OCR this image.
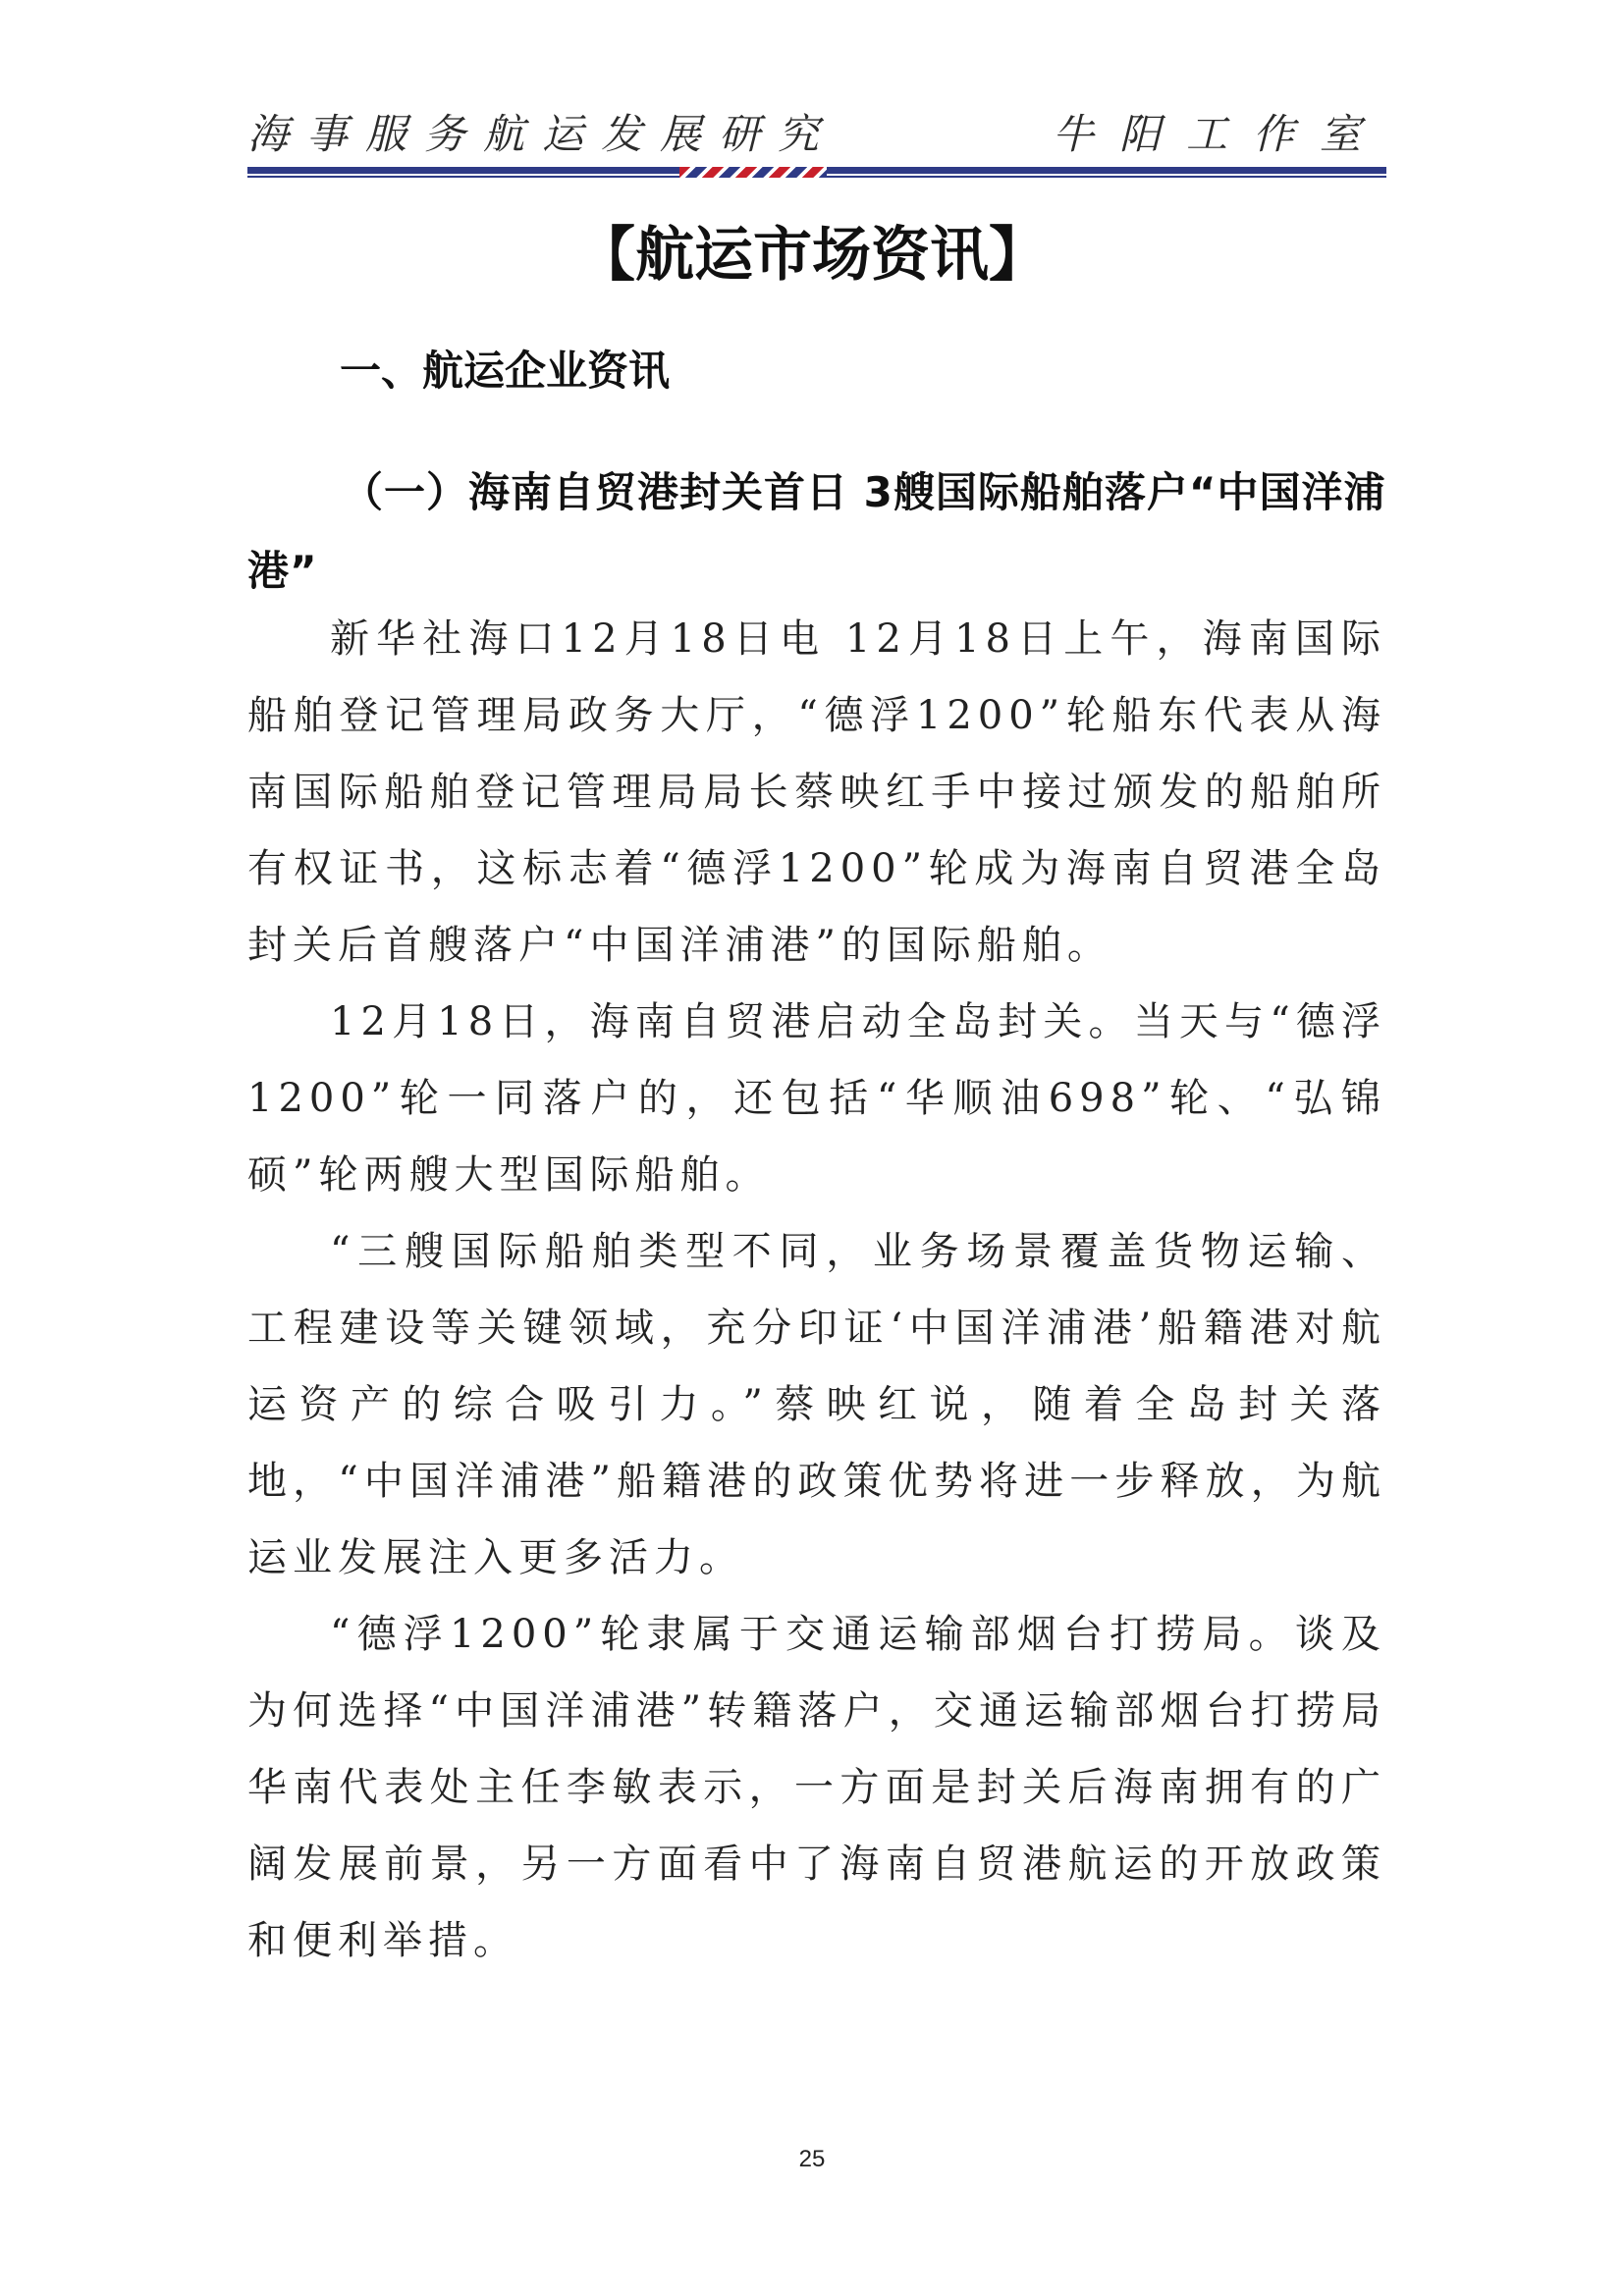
海事服务航运发展研究	牛阳工作室
【航运市场资讯】
一、航运企业资讯
（一）海南自贸港封关首日 3艘国际船舶落户“中国洋浦港”

新华社海口12月18日电 12月18日上午，海南国际船舶登记管理局政务大厅，“德浮1200”轮船东代表从海南国际船舶登记管理局局长蔡映红手中接过颁发的船舶所有权证书，这标志着“德浮1200”轮成为海南自贸港全岛封关后首艘落户“中国洋浦港”的国际船舶。

12月18日，海南自贸港启动全岛封关。当天与“德浮1200”轮一同落户的，还包括“华顺油698”轮、“弘锦硕”轮两艘大型国际船舶。

“三艘国际船舶类型不同，业务场景覆盖货物运输、工程建设等关键领域，充分印证‘中国洋浦港’船籍港对航运资产的综合吸引力。”蔡映红说，随着全岛封关落地，“中国洋浦港”船籍港的政策优势将进一步释放，为航运业发展注入更多活力。

“德浮1200”轮隶属于交通运输部烟台打捞局。谈及为何选择“中国洋浦港”转籍落户，交通运输部烟台打捞局华南代表处主任李敏表示，一方面是封关后海南拥有的广阔发展前景，另一方面看中了海南自贸港航运的开放政策和便利举措。

25
